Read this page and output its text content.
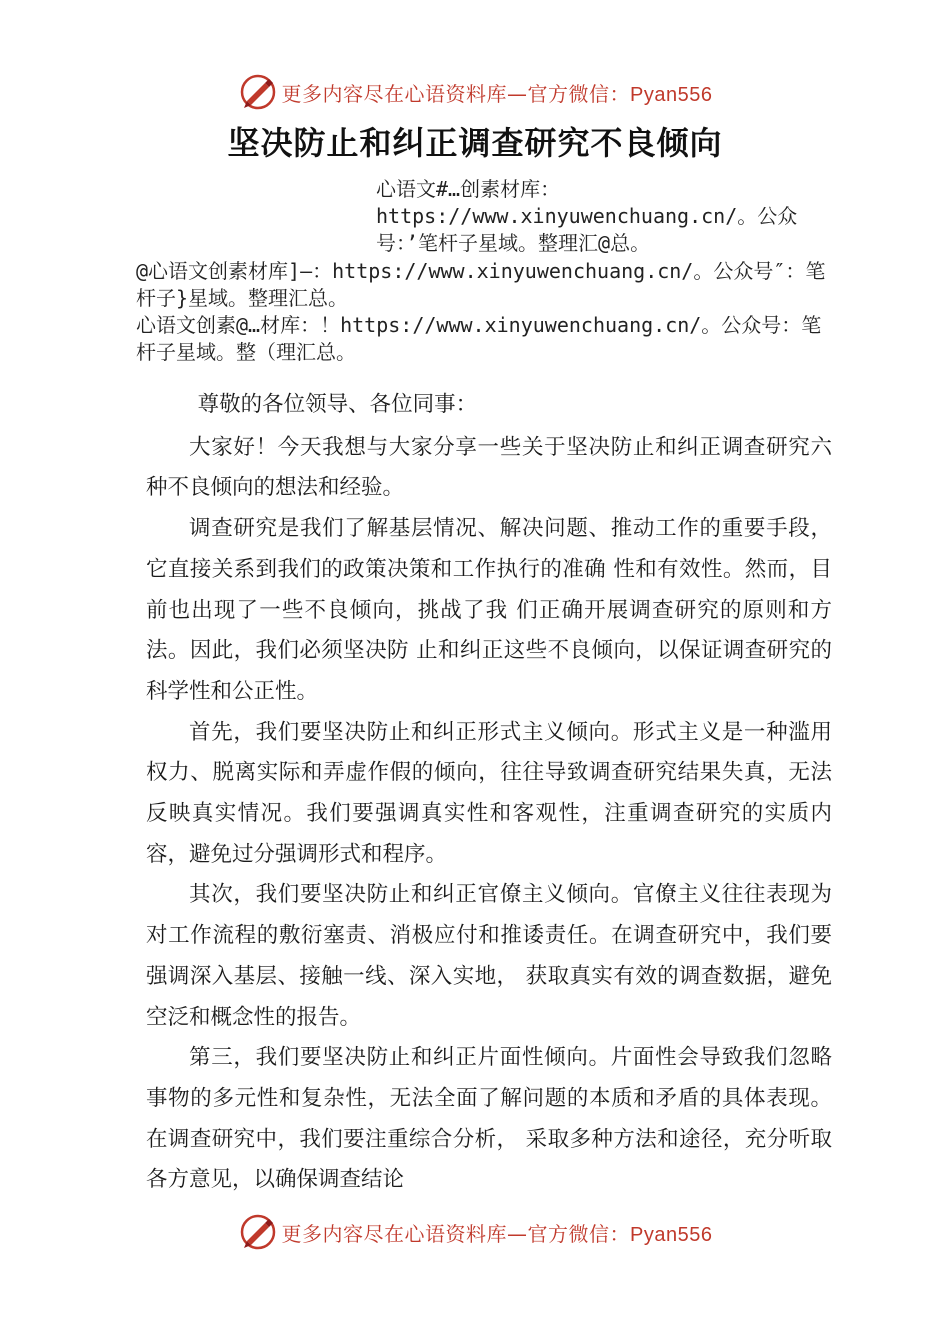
更多内容尽在心语资料库—官方微信：Pyan556
坚决防止和纠正调查研究不良倾向
心语文#…创素材库：https://www.xinyuwenchuang.cn/。公众号：’笔杆子星域。整理汇@总。
@心语文创素材库]—：https://www.xinyuwenchuang.cn/。公众号″：笔杆子}星域。整理汇总。
心语文创素@…材库：！https://www.xinyuwenchuang.cn/。公众号：笔杆子星域。整（理汇总。

尊敬的各位领导、各位同事：

大家好！今天我想与大家分享一些关于坚决防止和纠正调查研究六种不良倾向的想法和经验。

调查研究是我们了解基层情况、解决问题、推动工作的重要手段，它直接关系到我们的政策决策和工作执行的准确 性和有效性。然而，目前也出现了一些不良倾向，挑战了我 们正确开展调查研究的原则和方法。因此，我们必须坚决防 止和纠正这些不良倾向，以保证调查研究的科学性和公正性。

首先，我们要坚决防止和纠正形式主义倾向。形式主义是一种滥用权力、脱离实际和弄虚作假的倾向，往往导致调查研究结果失真，无法反映真实情况。我们要强调真实性和客观性，注重调查研究的实质内容，避免过分强调形式和程序。

其次，我们要坚决防止和纠正官僚主义倾向。官僚主义往往表现为对工作流程的敷衍塞责、消极应付和推诿责任。在调查研究中，我们要强调深入基层、接触一线、深入实地， 获取真实有效的调查数据，避免空泛和概念性的报告。

第三，我们要坚决防止和纠正片面性倾向。片面性会导致我们忽略事物的多元性和复杂性，无法全面了解问题的本质和矛盾的具体表现。在调查研究中，我们要注重综合分析， 采取多种方法和途径，充分听取各方意见，以确保调查结论

更多内容尽在心语资料库—官方微信：Pyan556
